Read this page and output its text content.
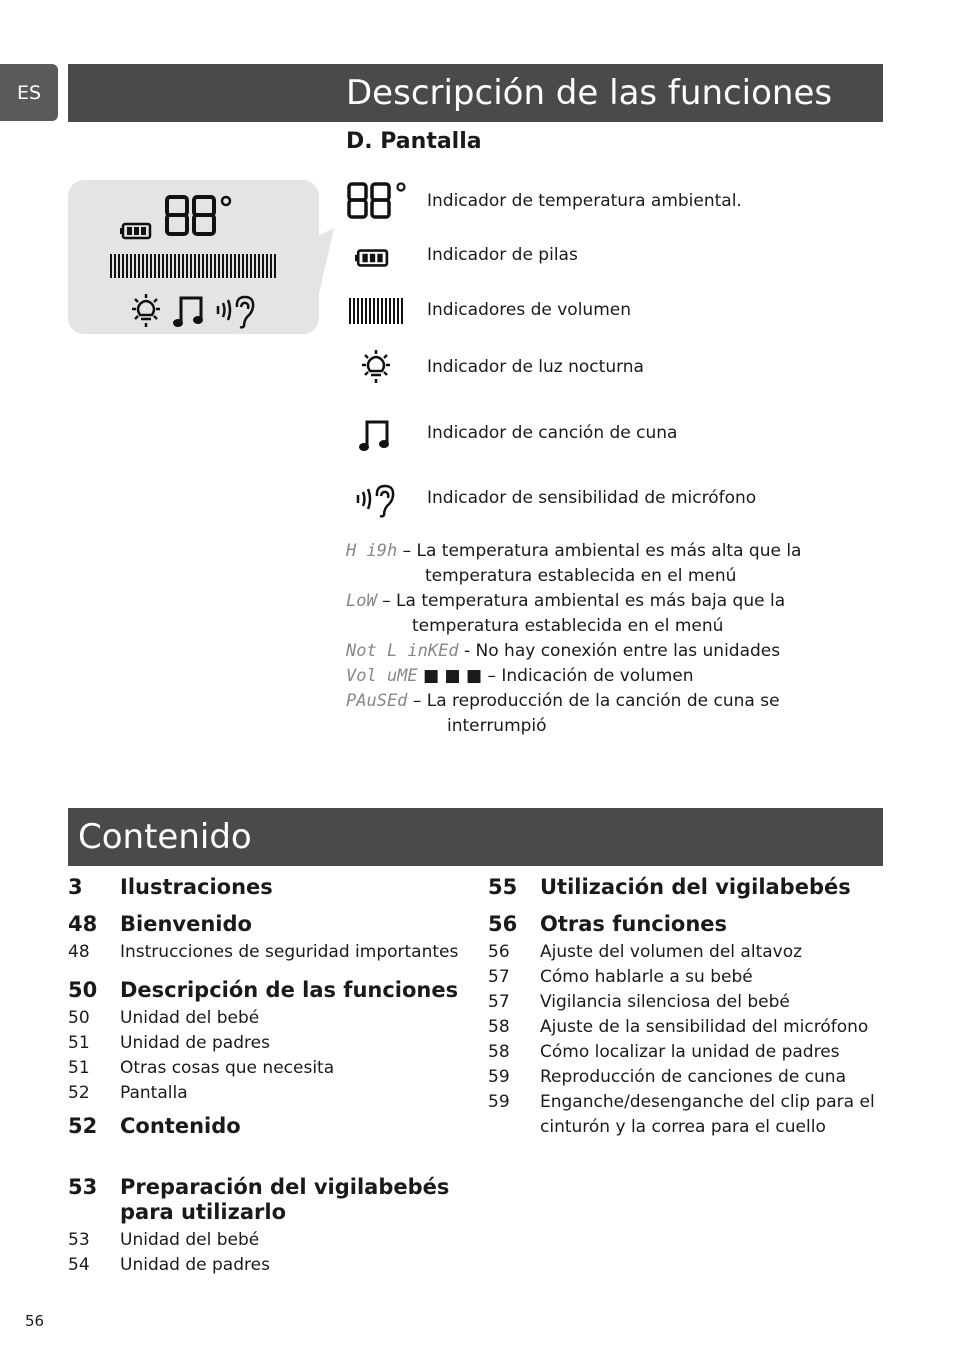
ES	Descripción de las funciones
D. Pantalla
Indicador de temperatura ambiental.
Indicador de pilas
Indicadores de volumen
Indicador de luz nocturna
Indicador de canción de cuna
Indicador de sensibilidad de micrófono
H i9h – La temperatura ambiental es más alta que la
temperatura establecida en el menú
LoW – La temperatura ambiental es más baja que la
temperatura establecida en el menú
Not L inKEd - No hay conexión entre las unidades
Vol uME ■ ■ ■ – Indicación de volumen
PAuSEd – La reproducción de la canción de cuna se
interrumpió
Contenido
3 Ilustraciones
48 Bienvenido
48 Instrucciones de seguridad importantes
50 Descripción de las funciones
50 Unidad del bebé
51 Unidad de padres
51 Otras cosas que necesita
52 Pantalla
52 Contenido
53 Preparación del vigilabebés
para utilizarlo
53 Unidad del bebé
54 Unidad de padres
55 Utilización del vigilabebés
56 Otras funciones
56 Ajuste del volumen del altavoz
57 Cómo hablarle a su bebé
57 Vigilancia silenciosa del bebé
58 Ajuste de la sensibilidad del micrófono
58 Cómo localizar la unidad de padres
59 Reproducción de canciones de cuna
59 Enganche/desenganche del clip para el
cinturón y la correa para el cuello
56
